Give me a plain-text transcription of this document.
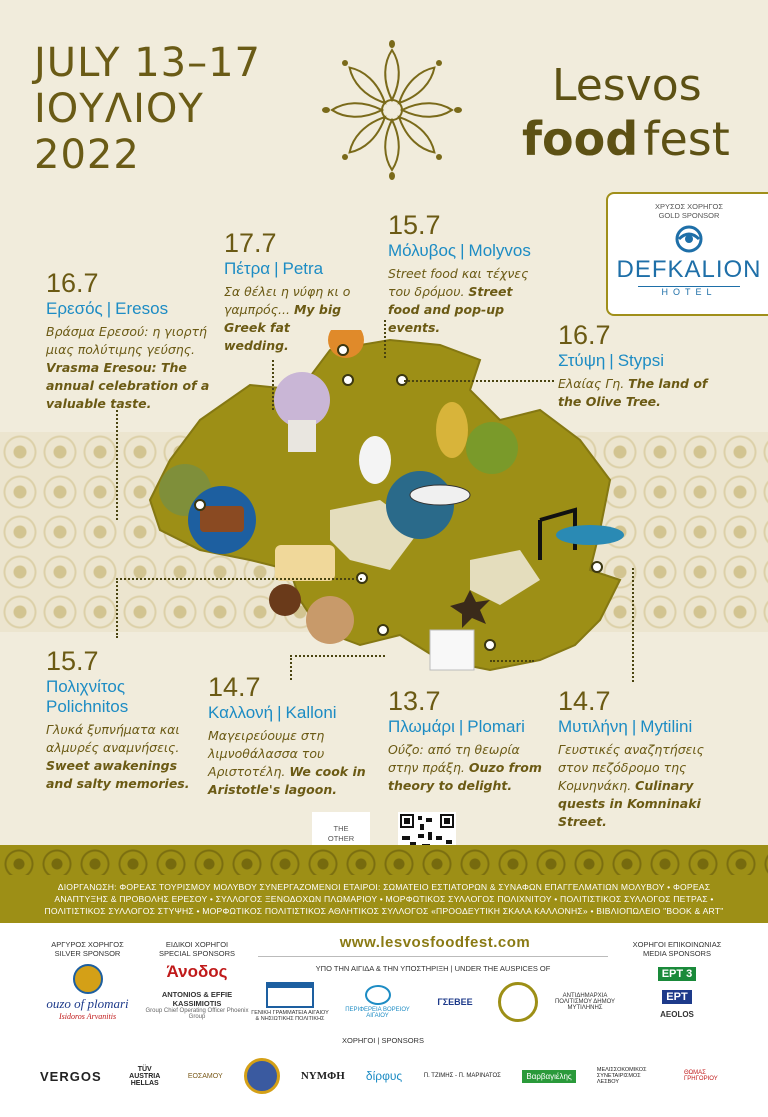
JULY 13–17
ΙΟΥΛΙΟΥ
2022
Lesvos
food fest
ΧΡΥΣΟΣ ΧΟΡΗΓΟΣ
GOLD SPONSOR
DEFKALION
HOTEL
16.7
Ερεσός | Eresos
Βράσμα Ερεσού: η γιορτή μιας πολύτιμης γεύσης. Vrasma Eresou: The annual celebration of a valuable taste.
17.7
Πέτρα | Petra
Σα θέλει η νύφη κι ο γαμπρός... My big Greek fat wedding.
15.7
Μόλυβος | Molyvos
Street food και τέχνες του δρόμου. Street food and pop-up events.	16.7
Στύψη | Stypsi
Ελαίας Γη. The land of the Olive Tree.
15.7
Πολιχνίτος
Polichnitos
Γλυκά ξυπνήματα και αλμυρές αναμνήσεις. Sweet awakenings and salty memories.
14.7
Καλλονή | Kalloni
Μαγειρεύουμε στη λιμνοθάλασσα του Αριστοτέλη. We cook in Aristotle's lagoon.
13.7
Πλωμάρι | Plomari
Ούζο: από τη θεωρία στην πράξη. Ouzo from theory to delight.
14.7
Μυτιλήνη | Mytilini
Γευστικές αναζητήσεις στον πεζόδρομο της Κομνηνάκη. Culinary quests in Komninaki Street.
THE
OTHER
ΔΙΟΡΓΑΝΩΣΗ: ΦΟΡΕΑΣ ΤΟΥΡΙΣΜΟΥ ΜΟΛΥΒΟΥ ΣΥΝΕΡΓΑΖΟΜΕΝΟΙ ΕΤΑΙΡΟΙ: ΣΩΜΑΤΕΙΟ ΕΣΤΙΑΤΟΡΩΝ & ΣΥΝΑΦΩΝ ΕΠΑΓΓΕΛΜΑΤΙΩΝ ΜΟΛΥΒΟΥ • ΦΟΡΕΑΣ ΑΝΑΠΤΥΞΗΣ & ΠΡΟΒΟΛΗΣ ΕΡΕΣΟΥ • ΣΥΛΛΟΓΟΣ ΞΕΝΟΔΟΧΩΝ ΠΛΩΜΑΡΙΟΥ • ΜΟΡΦΩΤΙΚΟΣ ΣΥΛΛΟΓΟΣ ΠΟΛΙΧΝΙΤΟΥ • ΠΟΛΙΤΙΣΤΙΚΟΣ ΣΥΛΛΟΓΟΣ ΠΕΤΡΑΣ • ΠΟΛΙΤΙΣΤΙΚΟΣ ΣΥΛΛΟΓΟΣ ΣΤΥΨΗΣ • ΜΟΡΦΩΤΙΚΟΣ ΠΟΛΙΤΙΣΤΙΚΟΣ ΑΘΛΗΤΙΚΟΣ ΣΥΛΛΟΓΟΣ «ΠΡΟΟΔΕΥΤΙΚΗ ΣΚΑΛΑ ΚΑΛΛΟΝΗΣ» • ΒΙΒΛΙΟΠΩΛΕΙΟ "BOOK & ART"
ΑΡΓΥΡΟΣ ΧΟΡΗΓΟΣ
SILVER SPONSOR
ouzo of plomari
Isidoros Arvanitis
ΕΙΔΙΚΟΙ ΧΟΡΗΓΟΙ
SPECIAL SPONSORS
Άνοδος
ANTONIOS & EFFIE KASSIMIOTIS
Group Chief Operating Officer Phoenix Group
www.lesvosfoodfest.com
ΥΠΟ ΤΗΝ ΑΙΓΙΔΑ & ΤΗΝ ΥΠΟΣΤΗΡΙΞΗ | UNDER THE AUSPICES OF
ΓΕΝΙΚΗ ΓΡΑΜΜΑΤΕΙΑ ΑΙΓΑΙΟΥ & ΝΗΣΙΩΤΙΚΗΣ ΠΟΛΙΤΙΚΗΣ
ΠΕΡΙΦΕΡΕΙΑ ΒΟΡΕΙΟΥ ΑΙΓΑΙΟΥ
ΓΣΕΒΕΕ
ΑΝΤΙΔΗΜΑΡΧΙΑ ΠΟΛΙΤΙΣΜΟΥ ΔΗΜΟΥ ΜΥΤΙΛΗΝΗΣ
ΧΟΡΗΓΟΙ ΕΠΙΚΟΙΝΩΝΙΑΣ
MEDIA SPONSORS
ΕΡΤ 3
ΕΡΤ
AEOLOS
ΧΟΡΗΓΟΙ | SPONSORS
VERGOS	TÜV AUSTRIA HELLAS
ΕΟΣΑΜΟΥ	ΝΥΜΦΗ δίρφυς	Π. ΤΖΙΜΗΣ - Π. ΜΑΡΙΝΑΤΟΣ	Βαρβαγιέλης
ΜΕΛΙΣΣΟΚΟΜΙΚΟΣ ΣΥΝΕΤΑΙΡΙΣΜΟΣ ΛΕΣΒΟΥ
ΘΩΜΑΣ ΓΡΗΓΟΡΙΟΥ
